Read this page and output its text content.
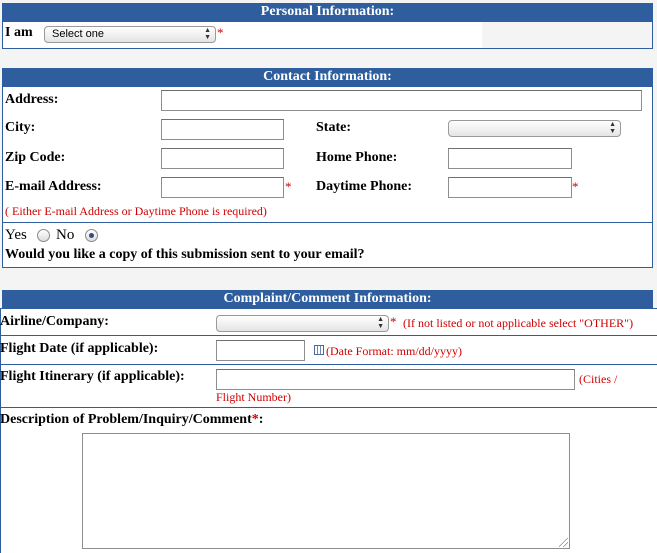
Personal Information:
I am	Select one	▲
▼ *
Contact Information:
Address:
City:	State:	▲
▼
Zip Code:	Home Phone:
E-mail Address:	* Daytime Phone:	*
( Either E-mail Address or Daytime Phone is required)
Yes No
Would you like a copy of this submission sent to your email?
Complaint/Comment Information:
Airline/Company:	▲
▼ * (If not listed or not applicable select "OTHER")
Flight Date (if applicable):	(Date Format: mm/dd/yyyy)
Flight Itinerary (if applicable):	(Cities /
Flight Number)
Description of Problem/Inquiry/Comment*:
